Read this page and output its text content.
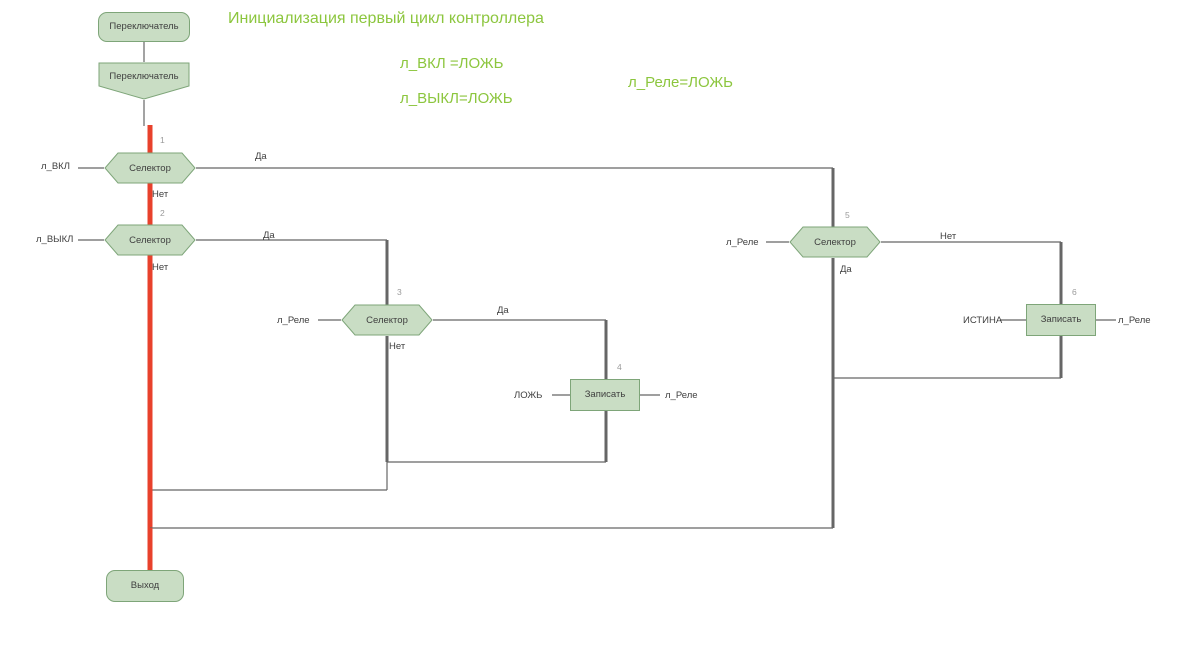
Инициализация первый цикл контроллера
л_ВКЛ =ЛОЖЬ
л_ВЫКЛ=ЛОЖЬ
л_Реле=ЛОЖЬ
Переключатель
Переключатель
Селектор
1
Селектор
2
Селектор
3
Записать
4
Селектор
5
Записать
6
Выход
л_ВКЛ
л_ВЫКЛ
л_Реле
ЛОЖЬ	л_Реле
л_Реле
ИСТИНА	л_Реле
Да
Нет
Да
Нет
Да
Нет
Нет
Да
